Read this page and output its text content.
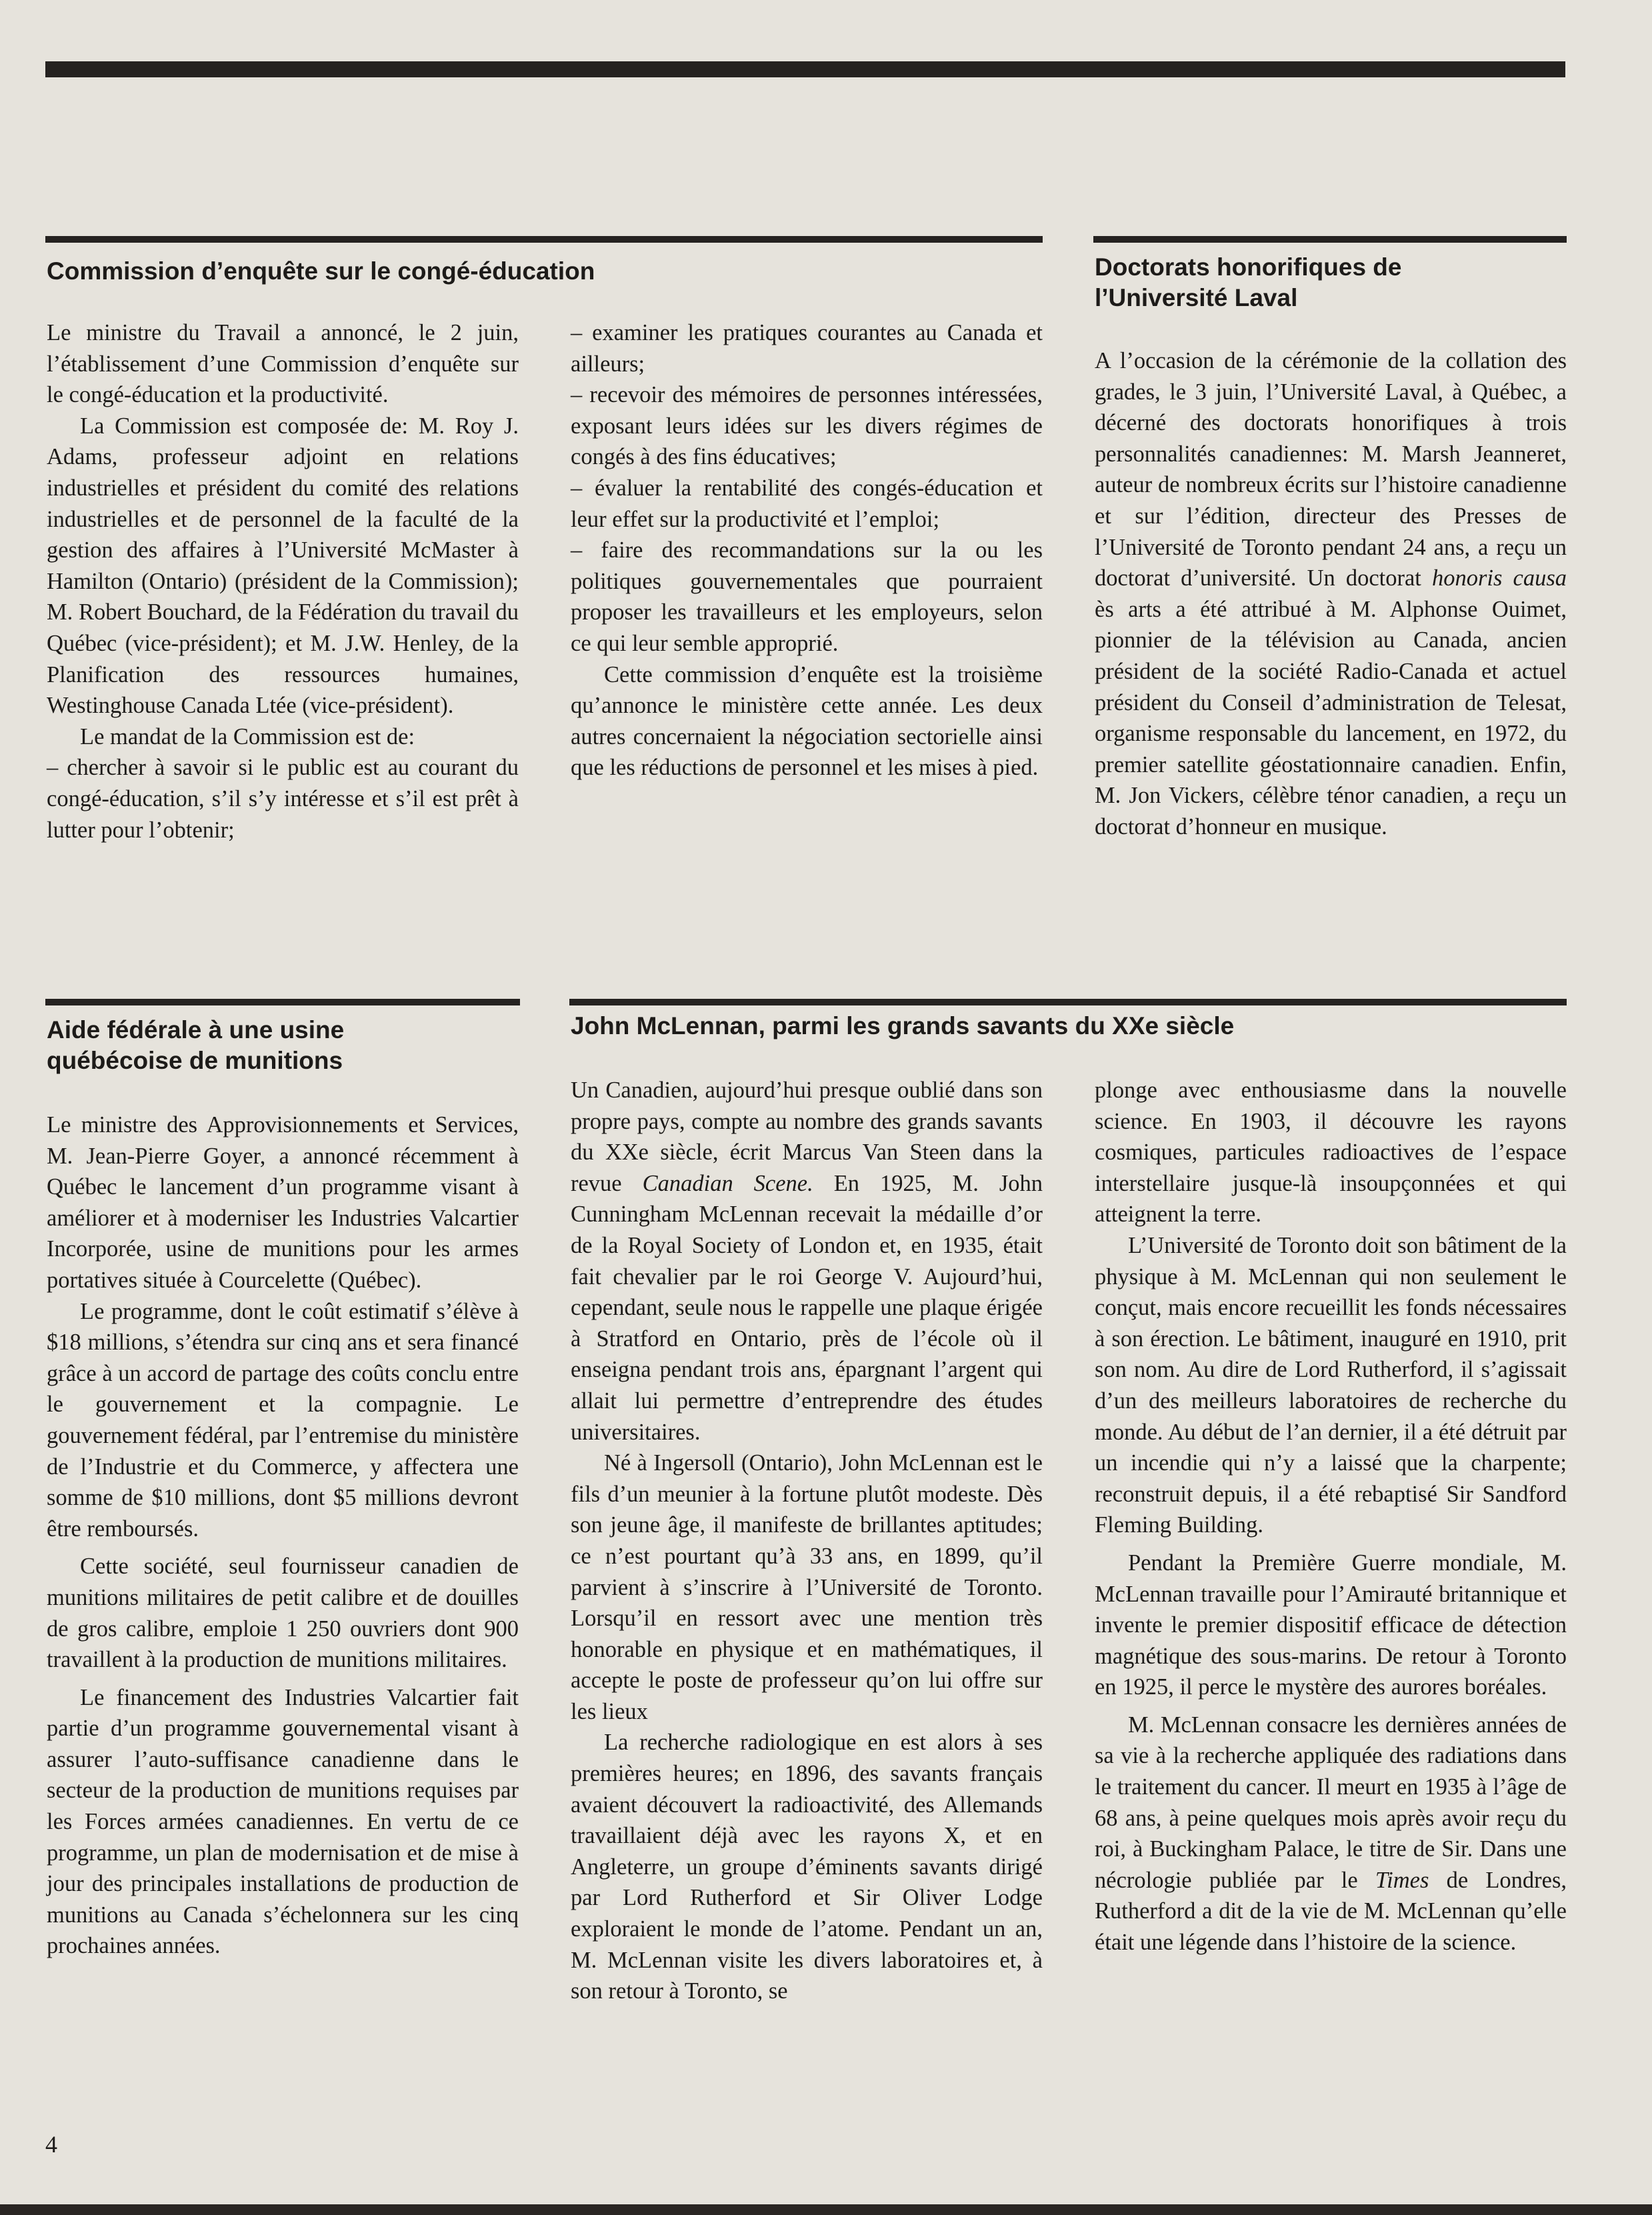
Commission d’enquête sur le congé-éducation

Le ministre du Travail a annoncé, le 2 juin, l’établissement d’une Commission d’enquête sur le congé-éducation et la productivité.

La Commission est composée de: M. Roy J. Adams, professeur adjoint en relations industrielles et président du comité des relations industrielles et de personnel de la faculté de la gestion des affaires à l’Université McMaster à Hamilton (Ontario) (président de la Commission); M. Robert Bouchard, de la Fédération du travail du Québec (vice-président); et M. J.W. Henley, de la Planification des ressources humaines, Westinghouse Canada Ltée (vice-président).

Le mandat de la Commission est de:

– chercher à savoir si le public est au courant du congé-éducation, s’il s’y intéresse et s’il est prêt à lutter pour l’obtenir;

– examiner les pratiques courantes au Canada et ailleurs;

– recevoir des mémoires de personnes intéressées, exposant leurs idées sur les divers régimes de congés à des fins éducatives;

– évaluer la rentabilité des congés-éducation et leur effet sur la productivité et l’emploi;

– faire des recommandations sur la ou les politiques gouvernementales que pourraient proposer les travailleurs et les employeurs, selon ce qui leur semble approprié.

Cette commission d’enquête est la troisième qu’annonce le ministère cette année. Les deux autres concernaient la négociation sectorielle ainsi que les réductions de personnel et les mises à pied.

Doctorats honorifiques de l’Université Laval

A l’occasion de la cérémonie de la collation des grades, le 3 juin, l’Université Laval, à Québec, a décerné des doctorats honorifiques à trois personnalités canadiennes: M. Marsh Jeanneret, auteur de nombreux écrits sur l’histoire canadienne et sur l’édition, directeur des Presses de l’Université de Toronto pendant 24 ans, a reçu un doctorat d’université. Un doctorat honoris causa ès arts a été attribué à M. Alphonse Ouimet, pionnier de la télévision au Canada, ancien président de la société Radio-Canada et actuel président du Conseil d’administration de Telesat, organisme responsable du lancement, en 1972, du premier satellite géostationnaire canadien. Enfin, M. Jon Vickers, célèbre ténor canadien, a reçu un doctorat d’honneur en musique.

Aide fédérale à une usine québécoise de munitions

Le ministre des Approvisionnements et Services, M. Jean-Pierre Goyer, a annoncé récemment à Québec le lancement d’un programme visant à améliorer et à moderniser les Industries Valcartier Incorporée, usine de munitions pour les armes portatives située à Courcelette (Québec).

Le programme, dont le coût estimatif s’élève à $18 millions, s’étendra sur cinq ans et sera financé grâce à un accord de partage des coûts conclu entre le gouvernement et la compagnie. Le gouvernement fédéral, par l’entremise du ministère de l’Industrie et du Commerce, y affectera une somme de $10 millions, dont $5 millions devront être remboursés.

Cette société, seul fournisseur canadien de munitions militaires de petit calibre et de douilles de gros calibre, emploie 1 250 ouvriers dont 900 travaillent à la production de munitions militaires.

Le financement des Industries Valcartier fait partie d’un programme gouvernemental visant à assurer l’auto-suffisance canadienne dans le secteur de la production de munitions requises par les Forces armées canadiennes. En vertu de ce programme, un plan de modernisation et de mise à jour des principales installations de production de munitions au Canada s’échelonnera sur les cinq prochaines années.

John McLennan, parmi les grands savants du XXe siècle

Un Canadien, aujourd’hui presque oublié dans son propre pays, compte au nombre des grands savants du XXe siècle, écrit Marcus Van Steen dans la revue Canadian Scene. En 1925, M. John Cunningham McLennan recevait la médaille d’or de la Royal Society of London et, en 1935, était fait chevalier par le roi George V. Aujourd’hui, cependant, seule nous le rappelle une plaque érigée à Stratford en Ontario, près de l’école où il enseigna pendant trois ans, épargnant l’argent qui allait lui permettre d’entreprendre des études universitaires.

Né à Ingersoll (Ontario), John McLennan est le fils d’un meunier à la fortune plutôt modeste. Dès son jeune âge, il manifeste de brillantes aptitudes; ce n’est pourtant qu’à 33 ans, en 1899, qu’il parvient à s’inscrire à l’Université de Toronto. Lorsqu’il en ressort avec une mention très honorable en physique et en mathématiques, il accepte le poste de professeur qu’on lui offre sur les lieux

La recherche radiologique en est alors à ses premières heures; en 1896, des savants français avaient découvert la radioactivité, des Allemands travaillaient déjà avec les rayons X, et en Angleterre, un groupe d’éminents savants dirigé par Lord Rutherford et Sir Oliver Lodge exploraient le monde de l’atome. Pendant un an, M. McLennan visite les divers laboratoires et, à son retour à Toronto, se

plonge avec enthousiasme dans la nouvelle science. En 1903, il découvre les rayons cosmiques, particules radioactives de l’espace interstellaire jusque-là insoupçonnées et qui atteignent la terre.

L’Université de Toronto doit son bâtiment de la physique à M. McLennan qui non seulement le conçut, mais encore recueillit les fonds nécessaires à son érection. Le bâtiment, inauguré en 1910, prit son nom. Au dire de Lord Rutherford, il s’agissait d’un des meilleurs laboratoires de recherche du monde. Au début de l’an dernier, il a été détruit par un incendie qui n’y a laissé que la charpente; reconstruit depuis, il a été rebaptisé Sir Sandford Fleming Building.

Pendant la Première Guerre mondiale, M. McLennan travaille pour l’Amirauté britannique et invente le premier dispositif efficace de détection magnétique des sous-marins. De retour à Toronto en 1925, il perce le mystère des aurores boréales.

M. McLennan consacre les dernières années de sa vie à la recherche appliquée des radiations dans le traitement du cancer. Il meurt en 1935 à l’âge de 68 ans, à peine quelques mois après avoir reçu du roi, à Buckingham Palace, le titre de Sir. Dans une nécrologie publiée par le Times de Londres, Rutherford a dit de la vie de M. McLennan qu’elle était une légende dans l’histoire de la science.

4
